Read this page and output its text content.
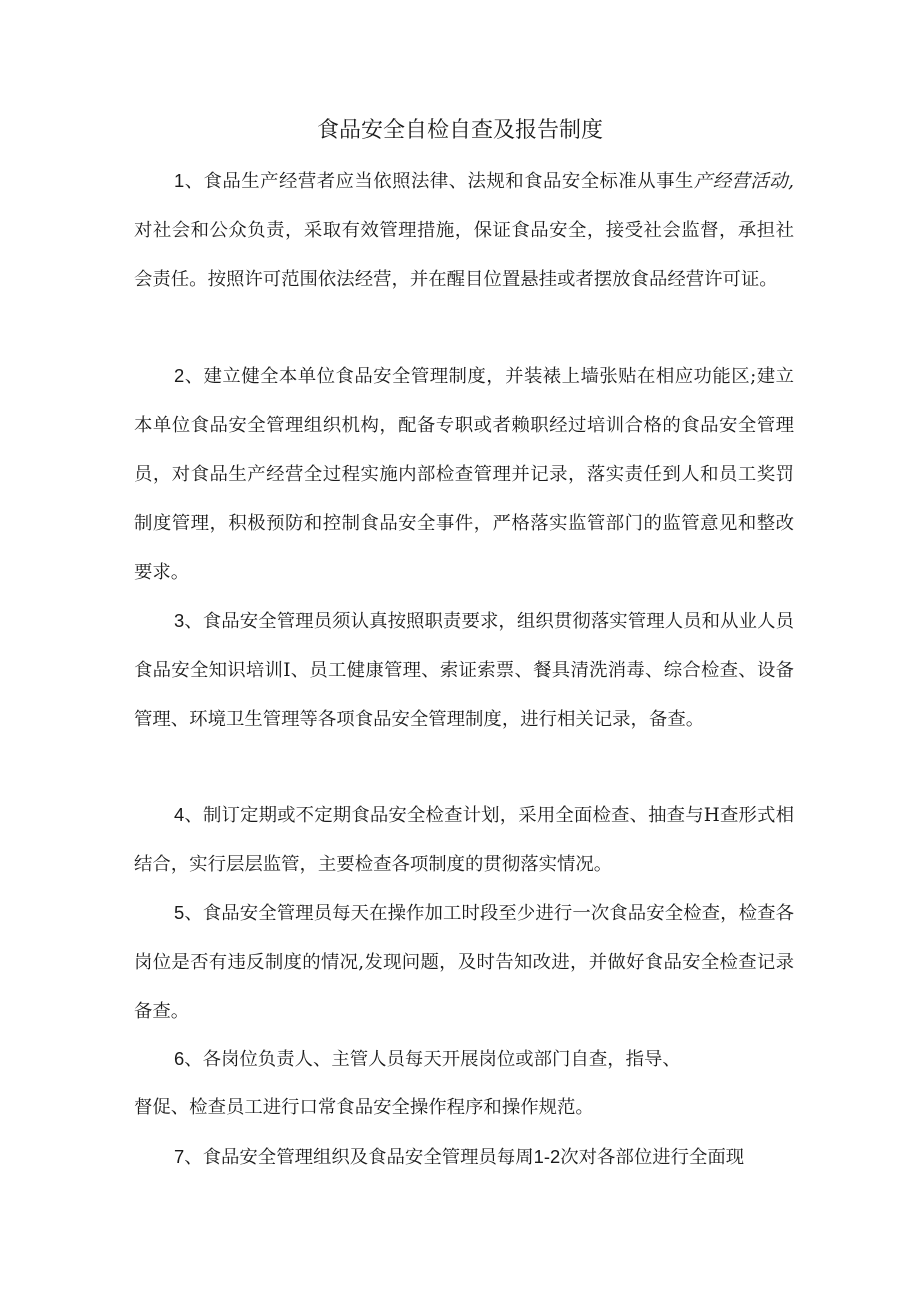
食品安全自检自查及报告制度

1、食品生产经营者应当依照法律、法规和食品安全标准从事生产经营活动,对社会和公众负责，采取有效管理措施，保证食品安全，接受社会监督，承担社会责任。按照许可范围依法经营，并在醒目位置悬挂或者摆放食品经营许可证。

2、建立健全本单位食品安全管理制度，并装裱上墙张贴在相应功能区;建立本单位食品安全管理组织机构，配备专职或者赖职经过培训合格的食品安全管理员，对食品生产经营全过程实施内部检查管理并记录，落实责任到人和员工奖罚制度管理，积极预防和控制食品安全事件，严格落实监管部门的监管意见和整改要求。

3、食品安全管理员须认真按照职责要求，组织贯彻落实管理人员和从业人员食品安全知识培训I、员工健康管理、索证索票、餐具清洗消毒、综合检查、设备管理、环境卫生管理等各项食品安全管理制度，进行相关记录，备查。

4、制订定期或不定期食品安全检查计划，采用全面检查、抽查与H查形式相结合，实行层层监管，主要检查各项制度的贯彻落实情况。

5、食品安全管理员每天在操作加工时段至少进行一次食品安全检查，检查各岗位是否有违反制度的情况,发现问题，及时告知改进，并做好食品安全检查记录备查。

6、各岗位负责人、主管人员每天开展岗位或部门自查，指导、

督促、检查员工进行口常食品安全操作程序和操作规范。

7、食品安全管理组织及食品安全管理员每周1-2次对各部位进行全面现
